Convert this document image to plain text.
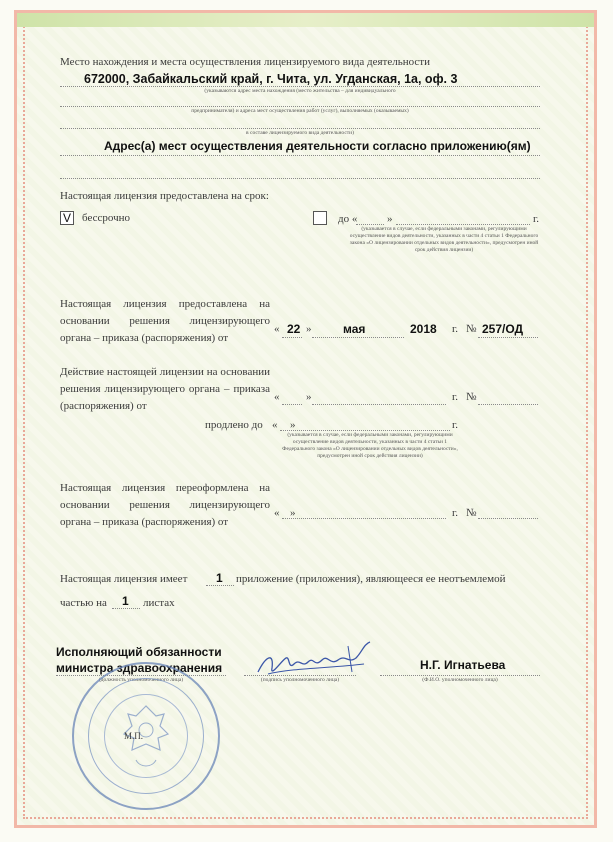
Место нахождения и места осуществления лицензируемого вида деятельности
672000, Забайкальский край, г. Чита, ул. Угданская, 1а, оф. 3
(указываются адрес места нахождения (место жительства – для индивидуального
предпринимателя) и адреса мест осуществления работ (услуг), выполняемых (оказываемых)
в составе лицензируемого вида деятельности)
Адрес(а) мест осуществления деятельности согласно приложению(ям)
Настоящая лицензия предоставлена на срок:
V бессрочно	до «	»	г.
(указывается в случае, если федеральными законами, регулирующими осуществление видов деятельности, указанных в части 4 статьи 1 Федерального закона «О лицензировании отдельных видов деятельности», предусмотрен иной срок действия лицензии)
Настоящая лицензия предоставлена на основании решения лицензирующего органа – приказа (распоряжения) от
« 22 »	мая	2018 г. № 257/ОД
Действие настоящей лицензии на основании решения лицензирующего органа – приказа (распоряжения) от
« »	г. №
продлено до « »	г.
(указывается в случае, если федеральными законами, регулирующими осуществление видов деятельности, указанных в части 4 статьи 1 Федерального закона «О лицензировании отдельных видов деятельности», предусмотрен иной срок действия лицензии)
Настоящая лицензия переоформлена на основании решения лицензирующего органа – приказа (распоряжения) от
« »	г. №
Настоящая лицензия имеет 1 приложение (приложения), являющееся ее неотъемлемой
частью на 1 листах
Исполняющий обязанности министра здравоохранения
(должность уполномоченного лица)	(подпись уполномоченного лица)
Н.Г. Игнатьева
(Ф.И.О. уполномоченного лица)
М.П.
